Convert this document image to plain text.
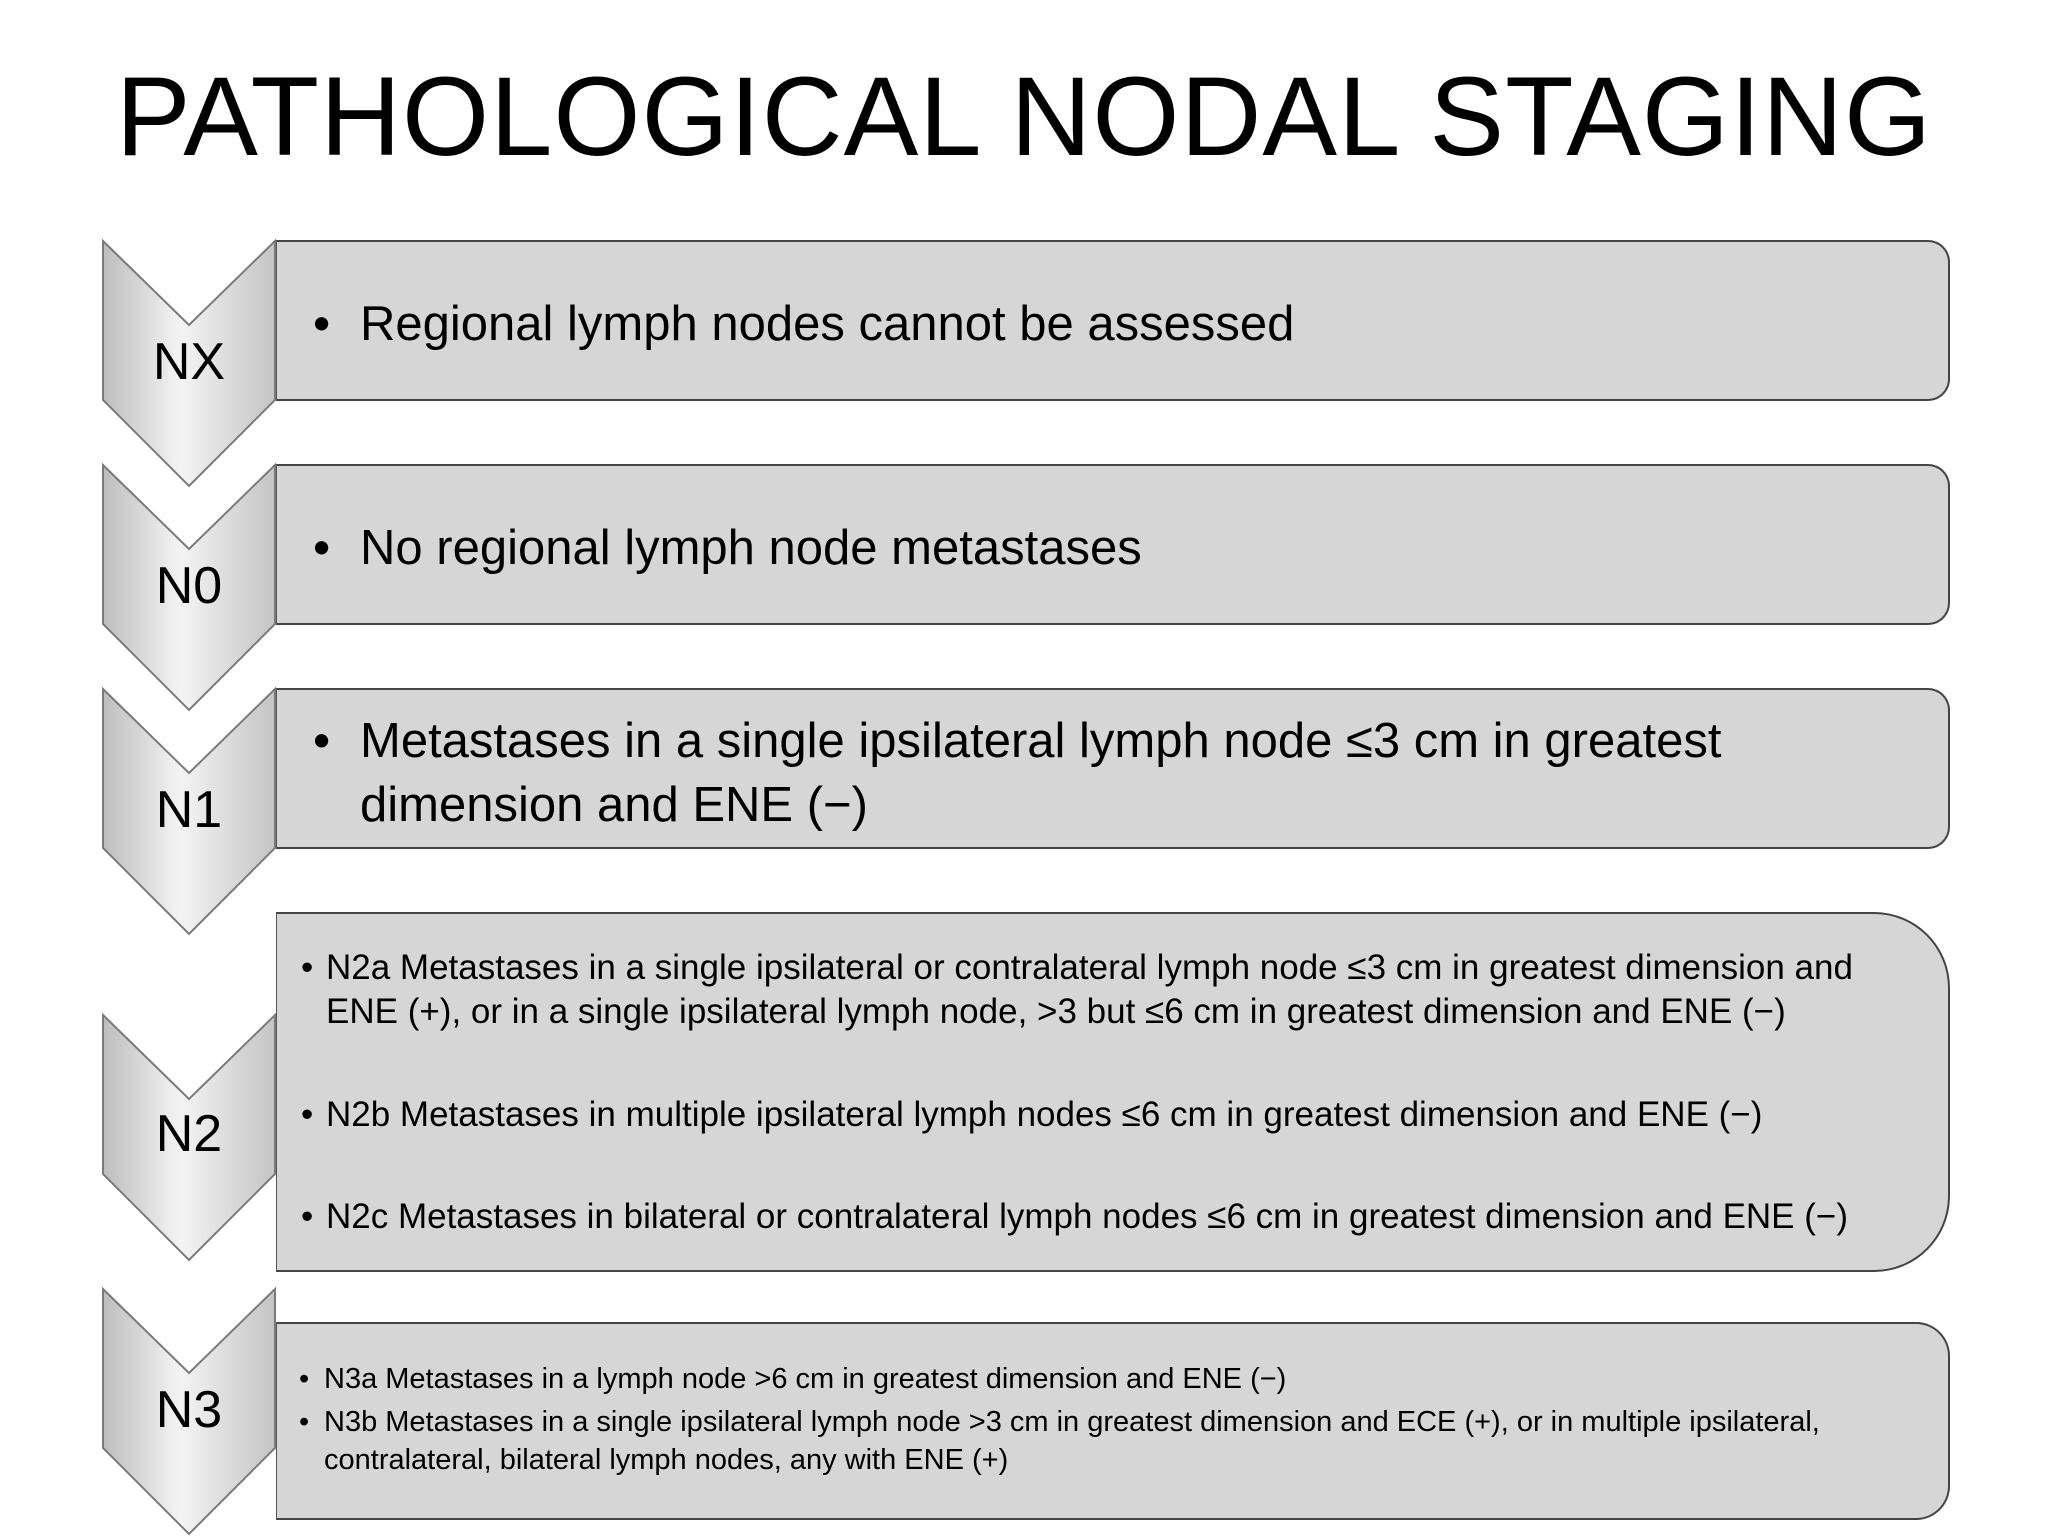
PATHOLOGICAL NODAL STAGING
NX
• Regional lymph nodes cannot be assessed
N0
• No regional lymph node metastases
N1
• Metastases in a single ipsilateral lymph node ≤3 cm in greatest dimension and ENE (−)
N2
• N2a Metastases in a single ipsilateral or contralateral lymph node ≤3 cm in greatest dimension and ENE (+), or in a single ipsilateral lymph node, >3 but ≤6 cm in greatest dimension and ENE (−)
• N2b Metastases in multiple ipsilateral lymph nodes ≤6 cm in greatest dimension and ENE (−)
• N2c Metastases in bilateral or contralateral lymph nodes ≤6 cm in greatest dimension and ENE (−)
N3
• N3a Metastases in a lymph node >6 cm in greatest dimension and ENE (−)
• N3b Metastases in a single ipsilateral lymph node >3 cm in greatest dimension and ECE (+), or in multiple ipsilateral, contralateral, bilateral lymph nodes, any with ENE (+)
